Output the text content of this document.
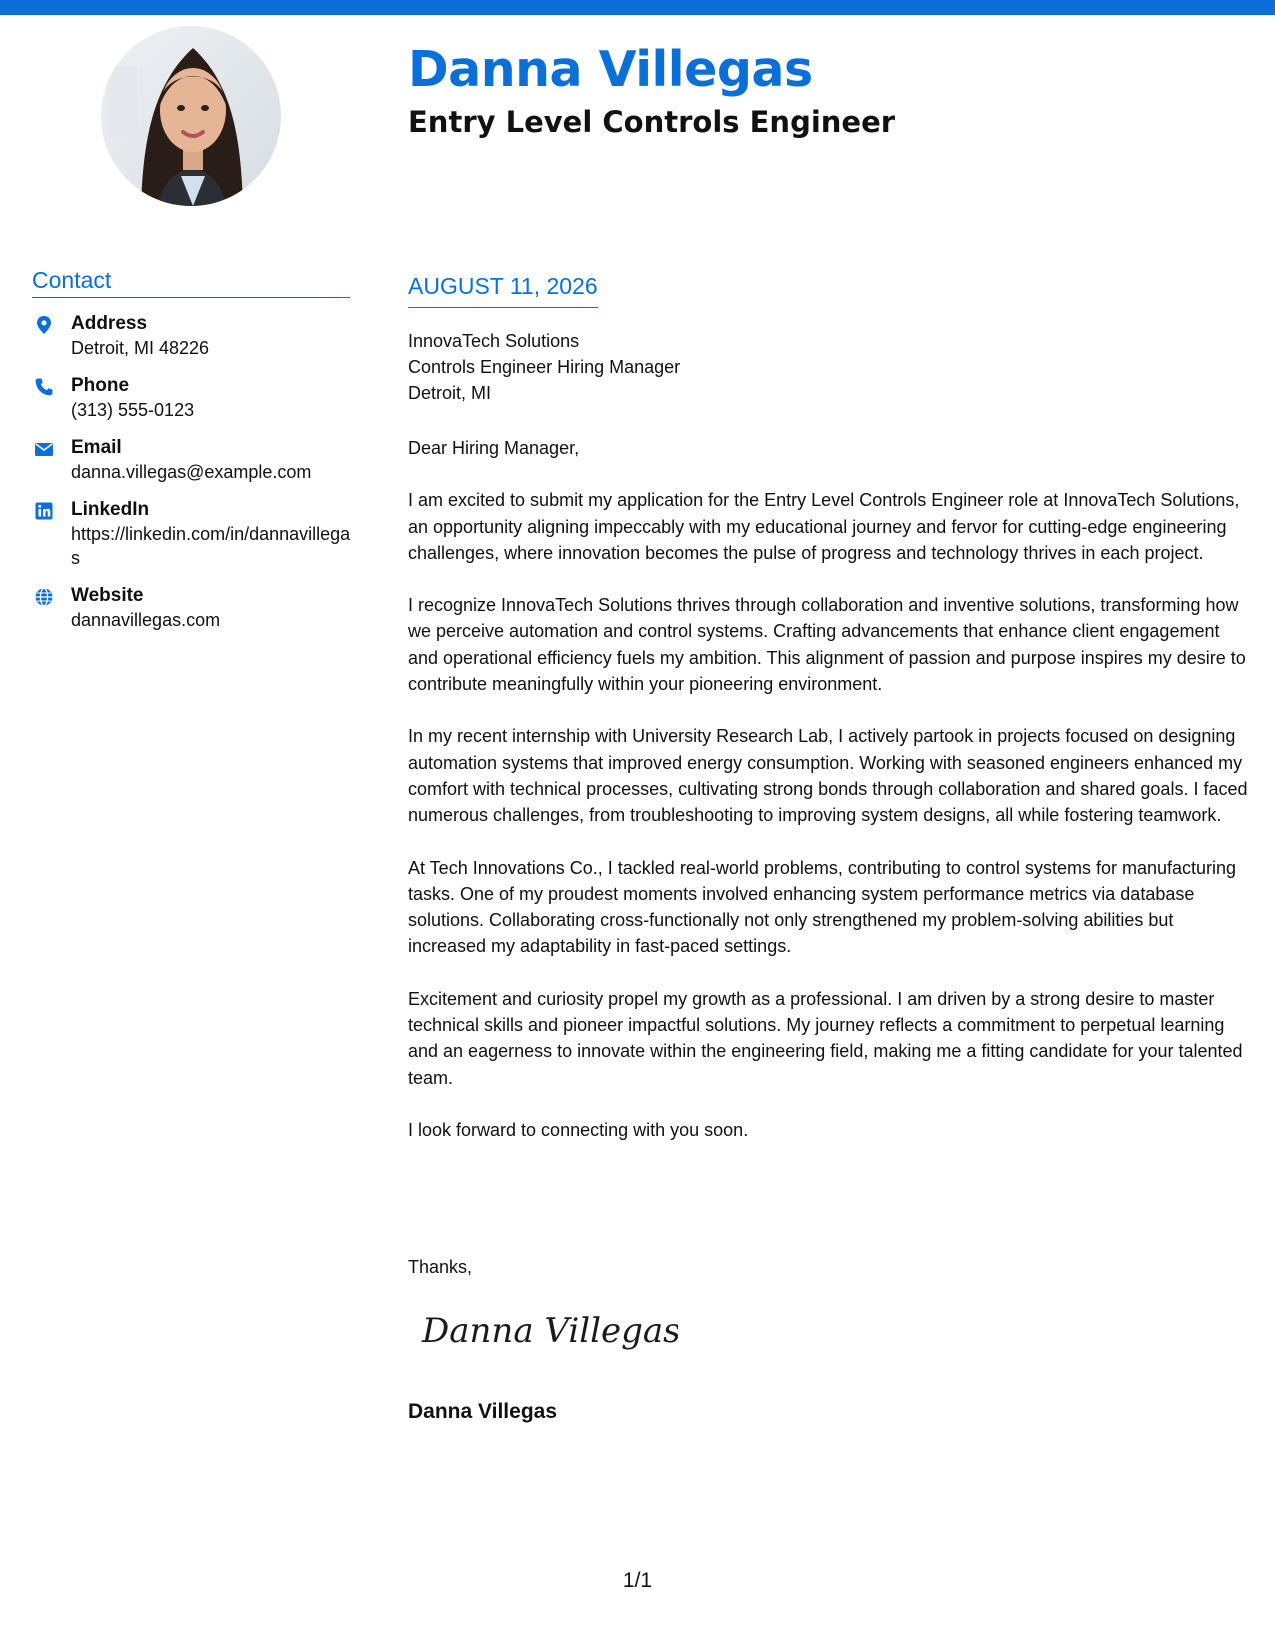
Danna Villegas
Entry Level Controls Engineer
Contact
Address
Detroit, MI 48226
Phone
(313) 555-0123
Email
danna.villegas@example.com
LinkedIn
https://linkedin.com/in/dannavillegas
Website
dannavillegas.com
AUGUST 11, 2026
InnovaTech Solutions
Controls Engineer Hiring Manager
Detroit, MI

Dear Hiring Manager,

I am excited to submit my application for the Entry Level Controls Engineer role at InnovaTech Solutions, an opportunity aligning impeccably with my educational journey and fervor for cutting-edge engineering challenges, where innovation becomes the pulse of progress and technology thrives in each project.

I recognize InnovaTech Solutions thrives through collaboration and inventive solutions, transforming how we perceive automation and control systems. Crafting advancements that enhance client engagement and operational efficiency fuels my ambition. This alignment of passion and purpose inspires my desire to contribute meaningfully within your pioneering environment.

In my recent internship with University Research Lab, I actively partook in projects focused on designing automation systems that improved energy consumption. Working with seasoned engineers enhanced my comfort with technical processes, cultivating strong bonds through collaboration and shared goals. I faced numerous challenges, from troubleshooting to improving system designs, all while fostering teamwork.

At Tech Innovations Co., I tackled real-world problems, contributing to control systems for manufacturing tasks. One of my proudest moments involved enhancing system performance metrics via database solutions. Collaborating cross-functionally not only strengthened my problem-solving abilities but increased my adaptability in fast-paced settings.

Excitement and curiosity propel my growth as a professional. I am driven by a strong desire to master technical skills and pioneer impactful solutions. My journey reflects a commitment to perpetual learning and an eagerness to innovate within the engineering field, making me a fitting candidate for your talented team.

I look forward to connecting with you soon.

Thanks,
Danna Villegas
Danna Villegas
1/1
